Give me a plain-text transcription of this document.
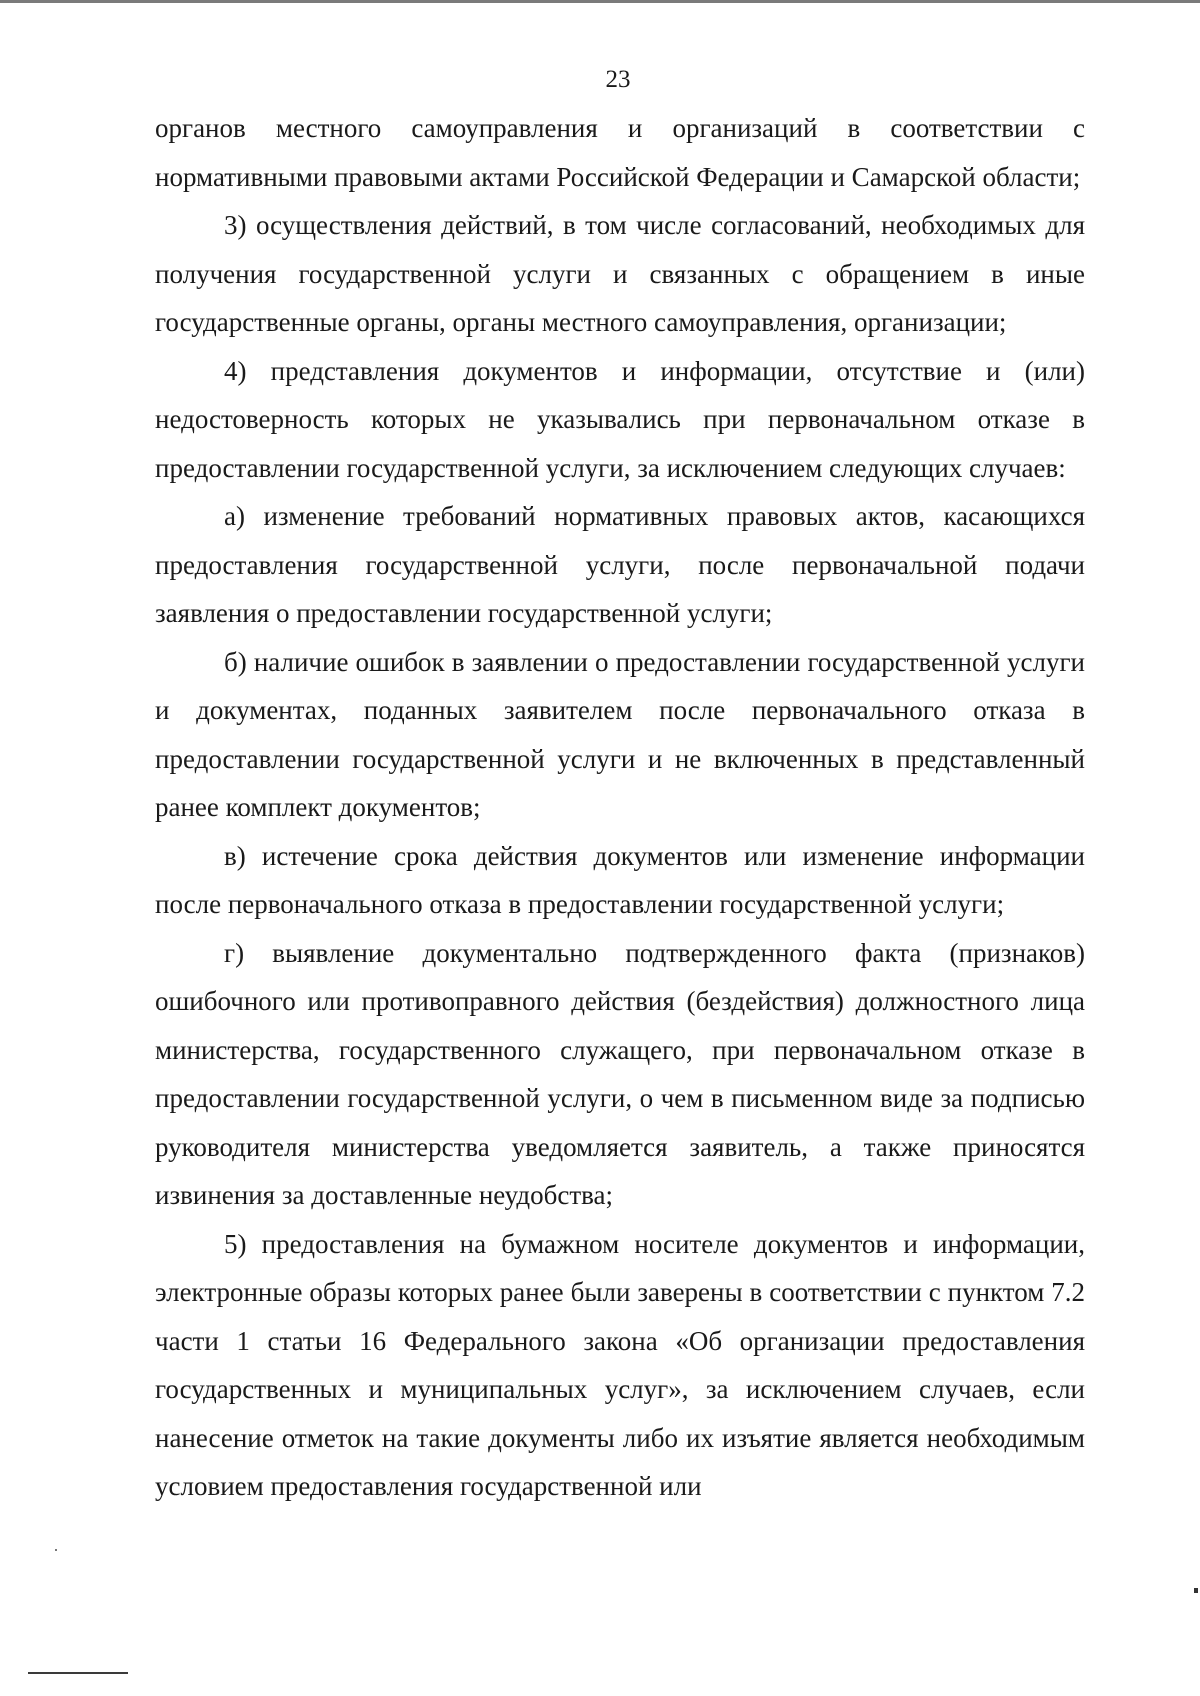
23

органов местного самоуправления и организаций в соответствии с нормативными правовыми актами Российской Федерации и Самарской области;

3) осуществления действий, в том числе согласований, необходимых для получения государственной услуги и связанных с обращением в иные государственные органы, органы местного самоуправления, организации;

4) представления документов и информации, отсутствие и (или) недостоверность которых не указывались при первоначальном отказе в предоставлении государственной услуги, за исключением следующих случаев:

а) изменение требований нормативных правовых актов, касающихся предоставления государственной услуги, после первоначальной подачи заявления о предоставлении государственной услуги;

б) наличие ошибок в заявлении о предоставлении государственной услуги и документах, поданных заявителем после первоначального отказа в предоставлении государственной услуги и не включенных в представленный ранее комплект документов;

в) истечение срока действия документов или изменение информации после первоначального отказа в предоставлении государственной услуги;

г) выявление документально подтвержденного факта (признаков) ошибочного или противоправного действия (бездействия) должностного лица министерства, государственного служащего, при первоначальном отказе в предоставлении государственной услуги, о чем в письменном виде за подписью руководителя министерства уведомляется заявитель, а также приносятся извинения за доставленные неудобства;

5) предоставления на бумажном носителе документов и информации, электронные образы которых ранее были заверены в соответствии с пунктом 7.2 части 1 статьи 16 Федерального закона «Об организации предоставления государственных и муниципальных услуг», за исключением случаев, если нанесение отметок на такие документы либо их изъятие является необходимым условием предоставления государственной или
